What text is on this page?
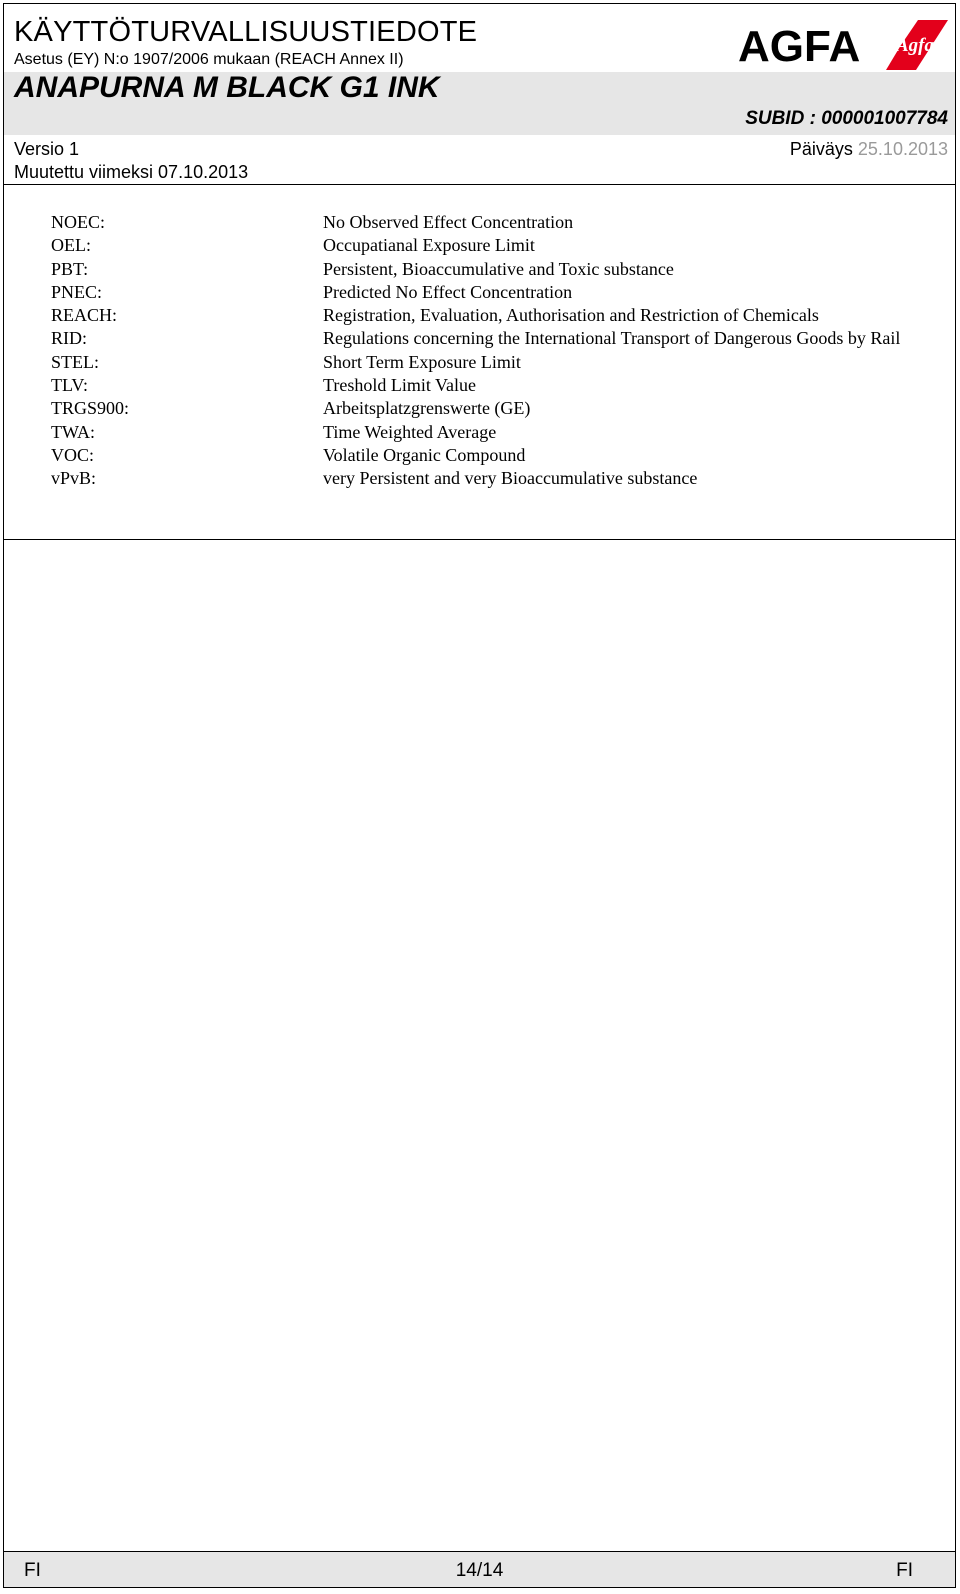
KÄYTTÖTURVALLISUUSTIEDOTE
Asetus (EY) N:o 1907/2006 mukaan (REACH Annex II)
ANAPURNA M BLACK G1 INK
SUBID : 000001007784
AGFA Agfa
Versio 1
Muutettu viimeksi 07.10.2013
Päiväys 25.10.2013
NOEC:	No Observed Effect Concentration
OEL:	Occupatianal Exposure Limit
PBT:	Persistent, Bioaccumulative and Toxic substance
PNEC:	Predicted No Effect Concentration
REACH:	Registration, Evaluation, Authorisation and Restriction of Chemicals
RID:	Regulations concerning the International Transport of Dangerous Goods by Rail
STEL:	Short Term Exposure Limit
TLV:	Treshold Limit Value
TRGS900:	Arbeitsplatzgrenswerte (GE)
TWA:	Time Weighted Average
VOC:	Volatile Organic Compound
vPvB:	very Persistent and very Bioaccumulative substance
FI	14/14	FI
